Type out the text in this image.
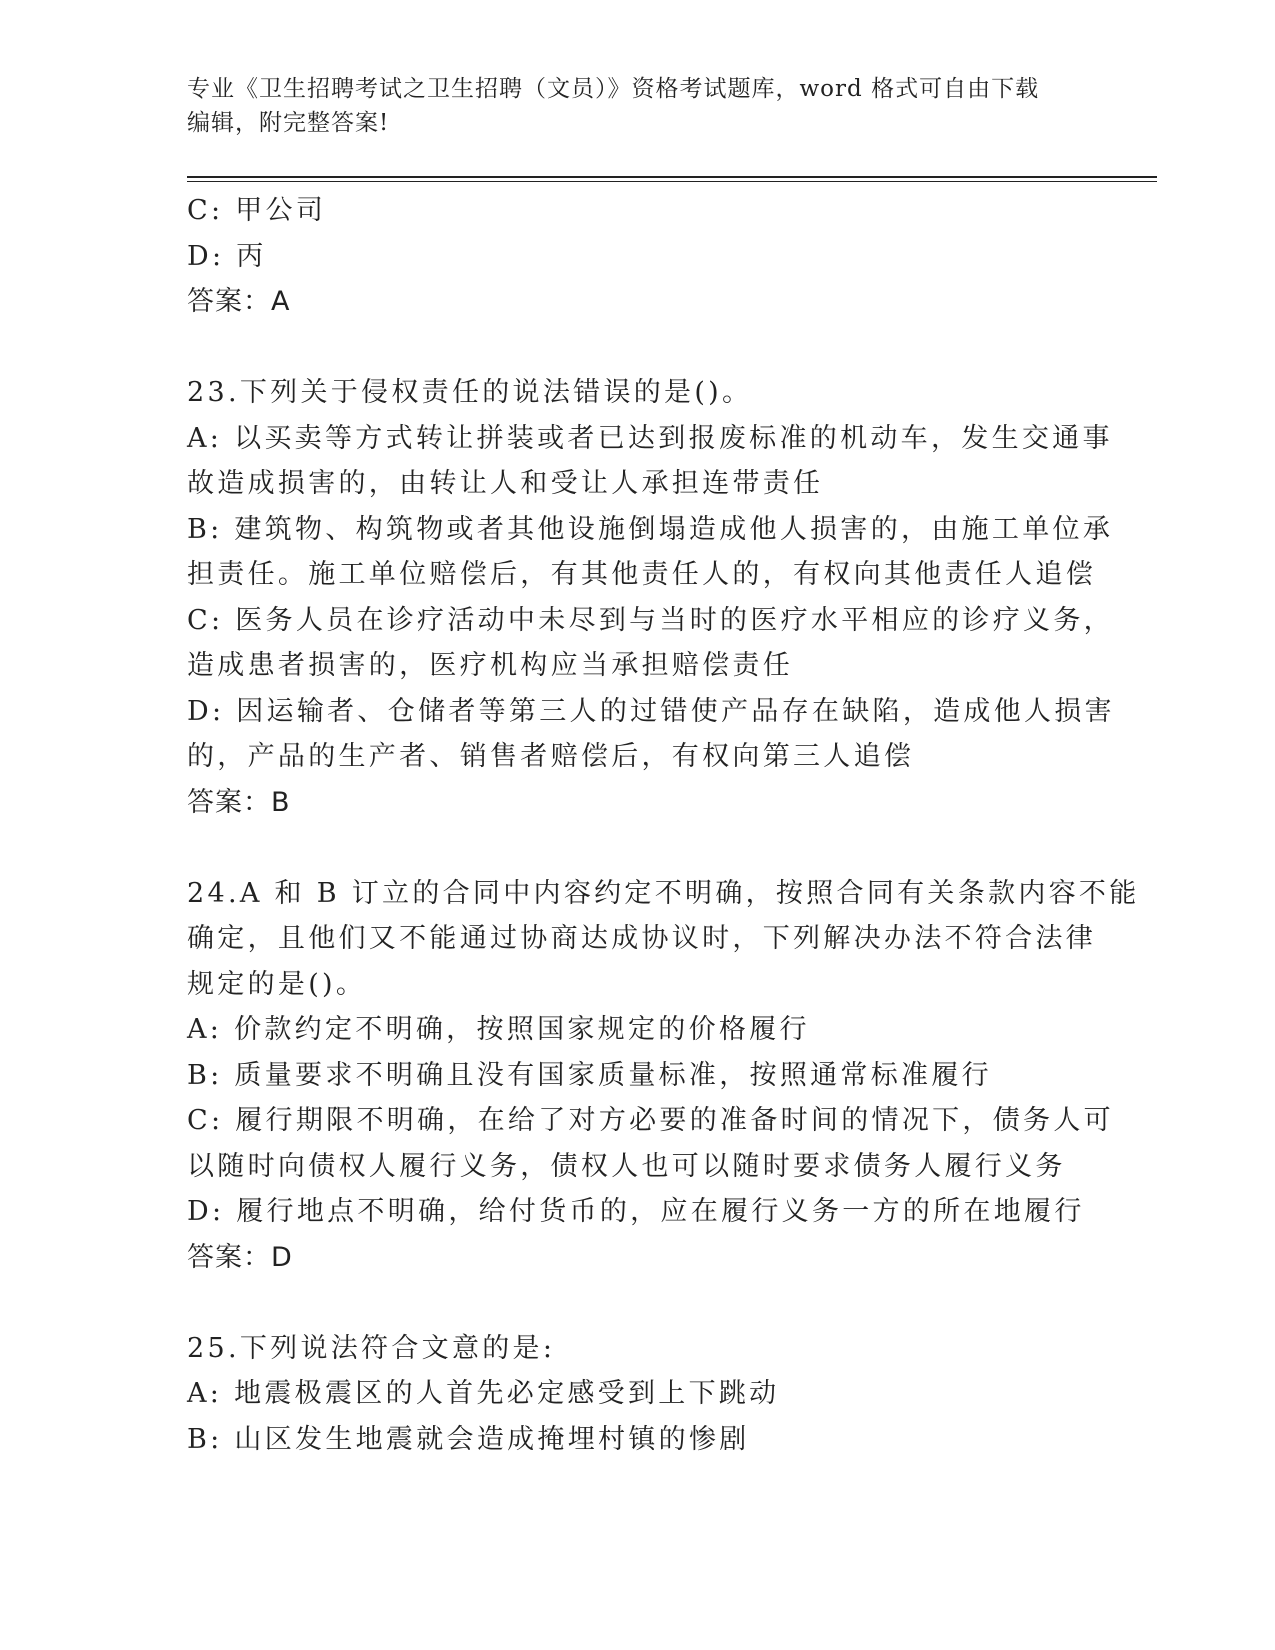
专业《卫生招聘考试之卫生招聘（文员）》资格考试题库，word 格式可自由下载
编辑，附完整答案!
C: 甲公司
D: 丙
答案：A
23.下列关于侵权责任的说法错误的是()。
A: 以买卖等方式转让拼装或者已达到报废标准的机动车，发生交通事
故造成损害的，由转让人和受让人承担连带责任
B: 建筑物、构筑物或者其他设施倒塌造成他人损害的，由施工单位承
担责任。施工单位赔偿后，有其他责任人的，有权向其他责任人追偿
C: 医务人员在诊疗活动中未尽到与当时的医疗水平相应的诊疗义务，
造成患者损害的，医疗机构应当承担赔偿责任
D: 因运输者、仓储者等第三人的过错使产品存在缺陷，造成他人损害
的，产品的生产者、销售者赔偿后，有权向第三人追偿
答案：B
24.A 和 B 订立的合同中内容约定不明确，按照合同有关条款内容不能
确定，且他们又不能通过协商达成协议时，下列解决办法不符合法律
规定的是()。
A: 价款约定不明确，按照国家规定的价格履行
B: 质量要求不明确且没有国家质量标准，按照通常标准履行
C: 履行期限不明确，在给了对方必要的准备时间的情况下，债务人可
以随时向债权人履行义务，债权人也可以随时要求债务人履行义务
D: 履行地点不明确，给付货币的，应在履行义务一方的所在地履行
答案：D
25.下列说法符合文意的是:
A: 地震极震区的人首先必定感受到上下跳动
B: 山区发生地震就会造成掩埋村镇的惨剧
